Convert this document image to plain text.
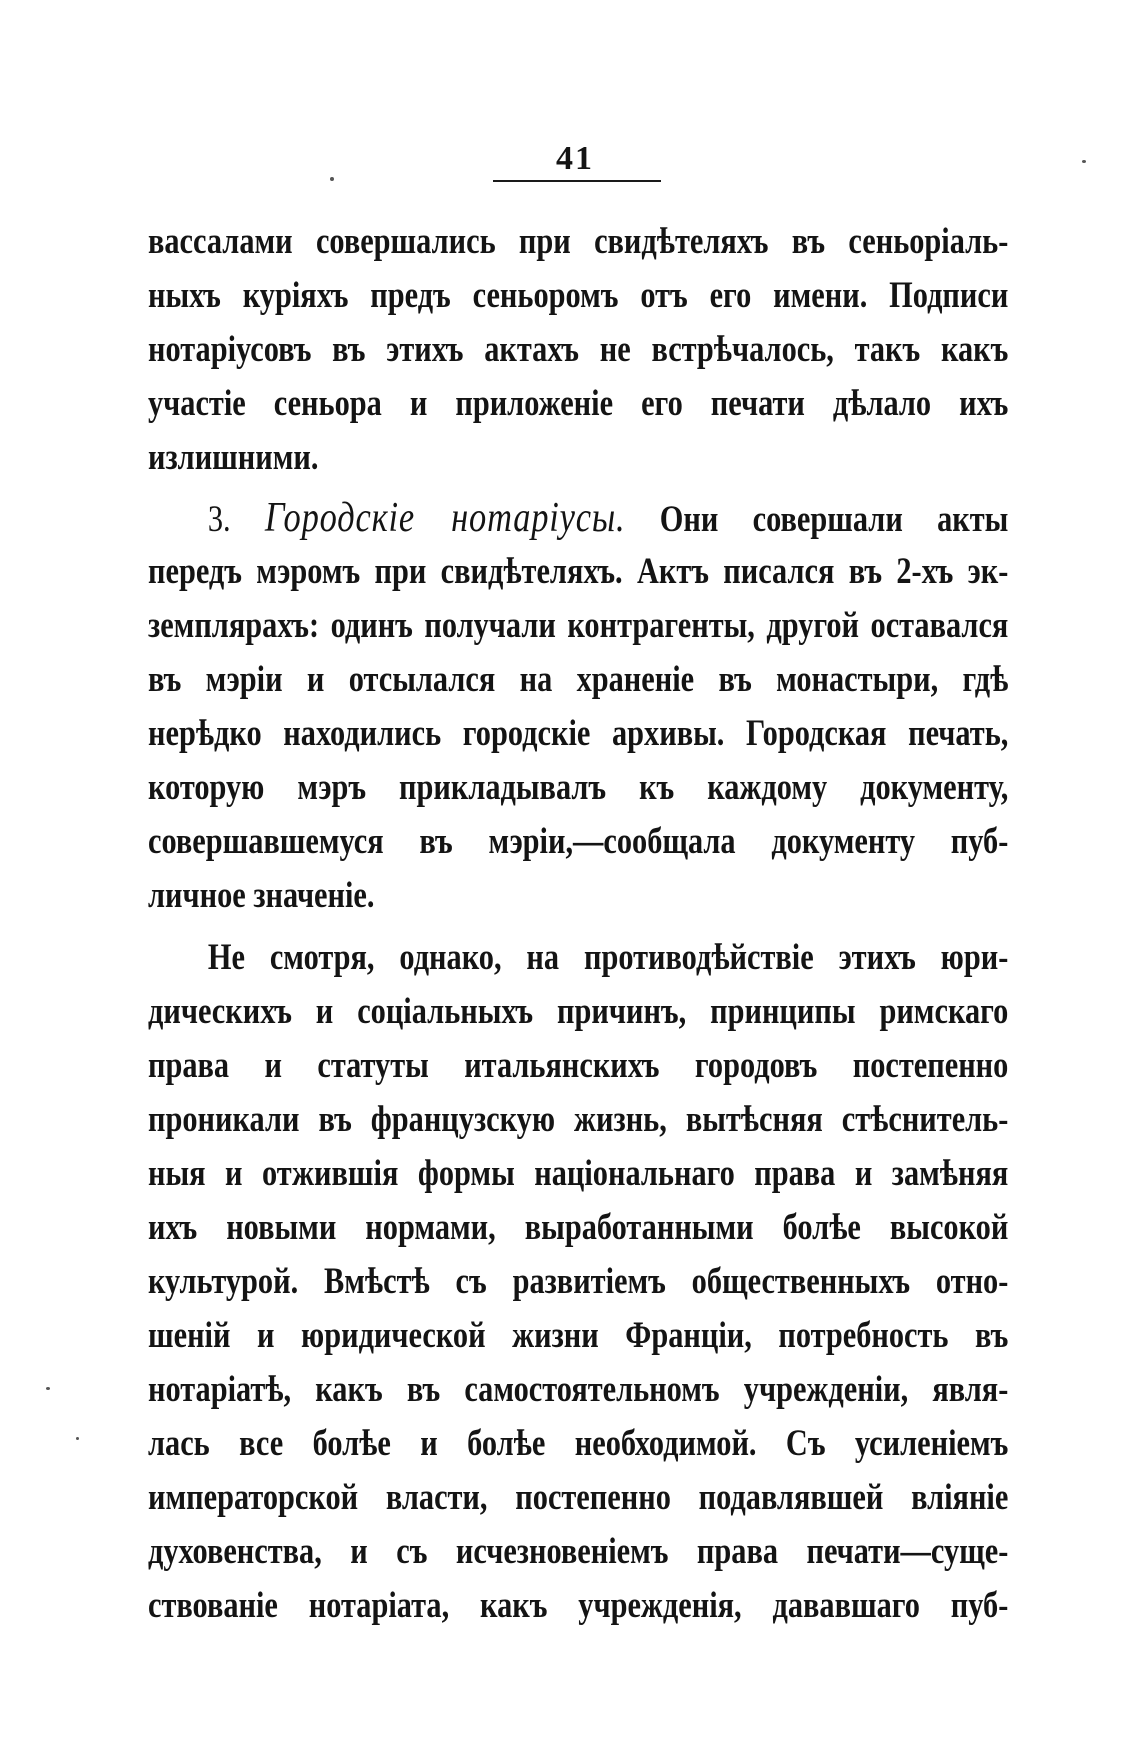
41
вассалами совершались при свидѣтеляхъ въ сеньоріаль-
ныхъ куріяхъ предъ сеньоромъ отъ его имени. Подписи
нотаріусовъ въ этихъ актахъ не встрѣчалось, такъ какъ
участіе сеньора и приложеніе его печати дѣлало ихъ
излишними.
3. Городскіе нотаріусы. Они совершали акты
передъ мэромъ при свидѣтеляхъ. Актъ писался въ 2-хъ эк-
земплярахъ: одинъ получали контрагенты, другой оставался
въ мэріи и отсылался на храненіе въ монастыри, гдѣ
нерѣдко находились городскіе архивы. Городская печать,
которую мэръ прикладывалъ къ каждому документу,
совершавшемуся въ мэріи,—сообщала документу пуб-
личное значеніе.
Не смотря, однако, на противодѣйствіе этихъ юри-
дическихъ и соціальныхъ причинъ, принципы римскаго
права и статуты итальянскихъ городовъ постепенно
проникали въ французскую жизнь, вытѣсняя стѣснитель-
ныя и отжившія формы національнаго права и замѣняя
ихъ новыми нормами, выработанными болѣе высокой
культурой. Вмѣстѣ съ развитіемъ общественныхъ отно-
шеній и юридической жизни Франціи, потребность въ
нотаріатѣ, какъ въ самостоятельномъ учрежденіи, явля-
лась все болѣе и болѣе необходимой. Съ усиленіемъ
императорской власти, постепенно подавлявшей вліяніе
духовенства, и съ исчезновеніемъ права печати—суще-
ствованіе нотаріата, какъ учрежденія, дававшаго пуб-
